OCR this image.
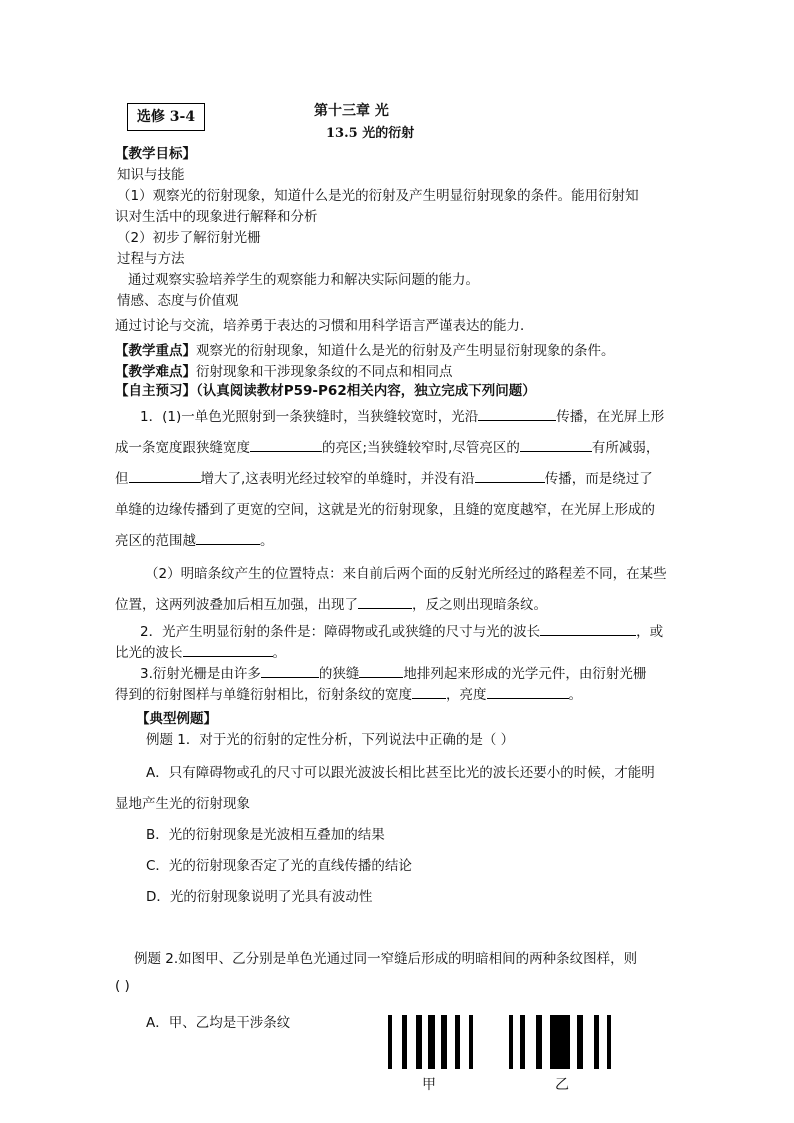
选修 3-4	第十三章 光
13.5 光的衍射
【教学目标】
知识与技能
（1）观察光的衍射现象，知道什么是光的衍射及产生明显衍射现象的条件。能用衍射知
识对生活中的现象进行解释和分析
（2）初步了解衍射光栅
过程与方法
通过观察实验培养学生的观察能力和解决实际问题的能力。
情感、态度与价值观
通过讨论与交流，培养勇于表达的习惯和用科学语言严谨表达的能力．
【教学重点】观察光的衍射现象，知道什么是光的衍射及产生明显衍射现象的条件。
【教学难点】衍射现象和干涉现象条纹的不同点和相同点
【自主预习】（认真阅读教材P59-P62相关内容，独立完成下列问题）
1．(1)一单色光照射到一条狭缝时，当狭缝较宽时，光沿	传播，在光屏上形
成一条宽度跟狭缝宽度	的亮区;当狭缝较窄时,尽管亮区的	有所减弱，
但	增大了,这表明光经过较窄的单缝时，并没有沿	传播，而是绕过了
单缝的边缘传播到了更宽的空间，这就是光的衍射现象，且缝的宽度越窄，在光屏上形成的
亮区的范围越	。
（2）明暗条纹产生的位置特点：来自前后两个面的反射光所经过的路程差不同，在某些
位置，这两列波叠加后相互加强，出现了	，反之则出现暗条纹。
2．光产生明显衍射的条件是：障碍物或孔或狭缝的尺寸与光的波长	，或
比光的波长	。
3.衍射光栅是由许多	的狭缝	地排列起来形成的光学元件，由衍射光栅
得到的衍射图样与单缝衍射相比，衍射条纹的宽度	，亮度	。
【典型例题】
例题 1．对于光的衍射的定性分析，下列说法中正确的是（ ）
A．只有障碍物或孔的尺寸可以跟光波波长相比甚至比光的波长还要小的时候，才能明
显地产生光的衍射现象
B．光的衍射现象是光波相互叠加的结果
C．光的衍射现象否定了光的直线传播的结论
D．光的衍射现象说明了光具有波动性
例题 2.如图甲、乙分别是单色光通过同一窄缝后形成的明暗相间的两种条纹图样，则
( )
A．甲、乙均是干涉条纹
甲	乙
